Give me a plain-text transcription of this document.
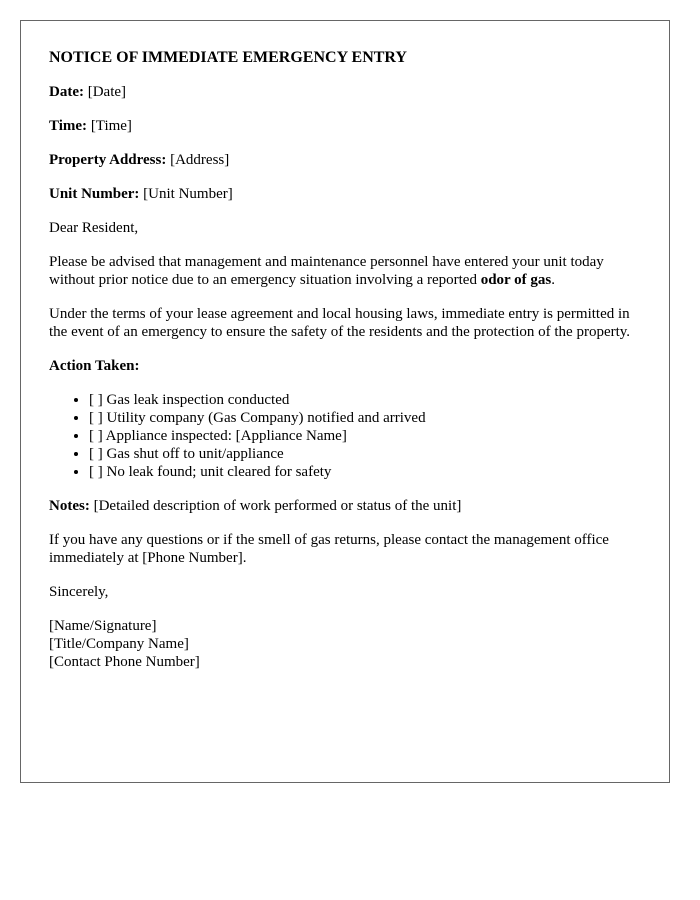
NOTICE OF IMMEDIATE EMERGENCY ENTRY

Date: [Date]

Time: [Time]

Property Address: [Address]

Unit Number: [Unit Number]

Dear Resident,

Please be advised that management and maintenance personnel have entered your unit today without prior notice due to an emergency situation involving a reported odor of gas.

Under the terms of your lease agreement and local housing laws, immediate entry is permitted in the event of an emergency to ensure the safety of the residents and the protection of the property.

Action Taken:

• [ ] Gas leak inspection conducted
• [ ] Utility company (Gas Company) notified and arrived
• [ ] Appliance inspected: [Appliance Name]
• [ ] Gas shut off to unit/appliance
• [ ] No leak found; unit cleared for safety

Notes: [Detailed description of work performed or status of the unit]

If you have any questions or if the smell of gas returns, please contact the management office immediately at [Phone Number].

Sincerely,

[Name/Signature]
[Title/Company Name]
[Contact Phone Number]
